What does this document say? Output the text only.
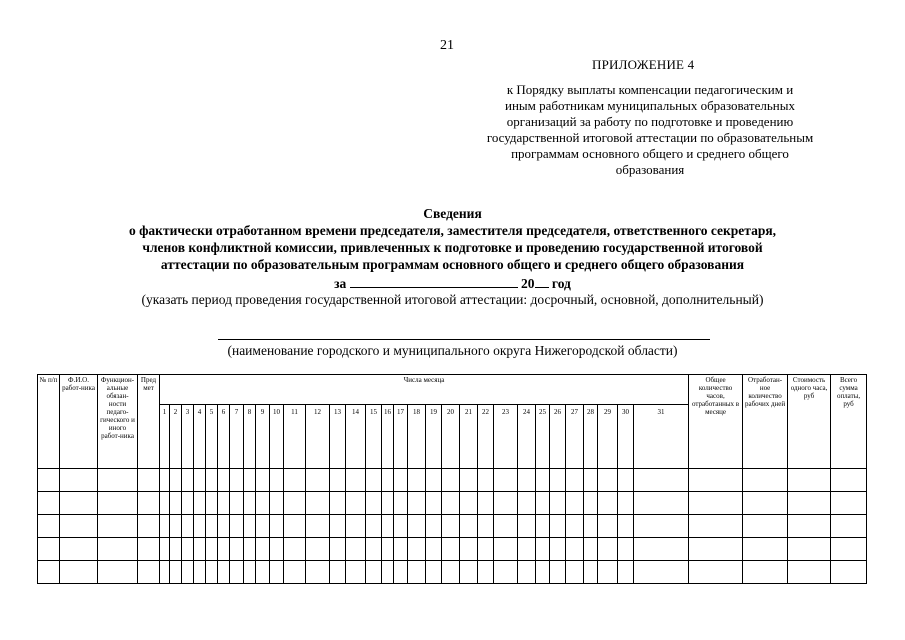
21
ПРИЛОЖЕНИЕ 4
к Порядку выплаты компенсации педагогическим и
иным работникам муниципальных образовательных
организаций за работу по подготовке и проведению
государственной итоговой аттестации по образовательным
программам основного общего и среднего общего
образования
Сведения
о фактически отработанном времени председателя, заместителя председателя, ответственного секретаря,
членов конфликтной комиссии, привлеченных к подготовке и проведению государственной итоговой
аттестации по образовательным программам основного общего и среднего общего образования
за	20 год
(указать период проведения государственной итоговой аттестации: досрочный, основной, дополнительный)
(наименование городского и муниципального округа Нижегородской области)
№ п/п	Ф.И.О. работ-ника	Функцион-альные обязан-ности педаго-гического и иного работ-ника	Пред мет	Числа месяца																															Общее количество часов, отработанных в месяце	Отработан-ное количество рабочих дней	Стоимость одного часа, руб	Всего сумма оплаты, руб
				1	2	3	4	5	6	7	8	9	10	11	12	13	14	15	16	17	18	19	20	21	22	23	24	25	26	27	28	29	30	31				
